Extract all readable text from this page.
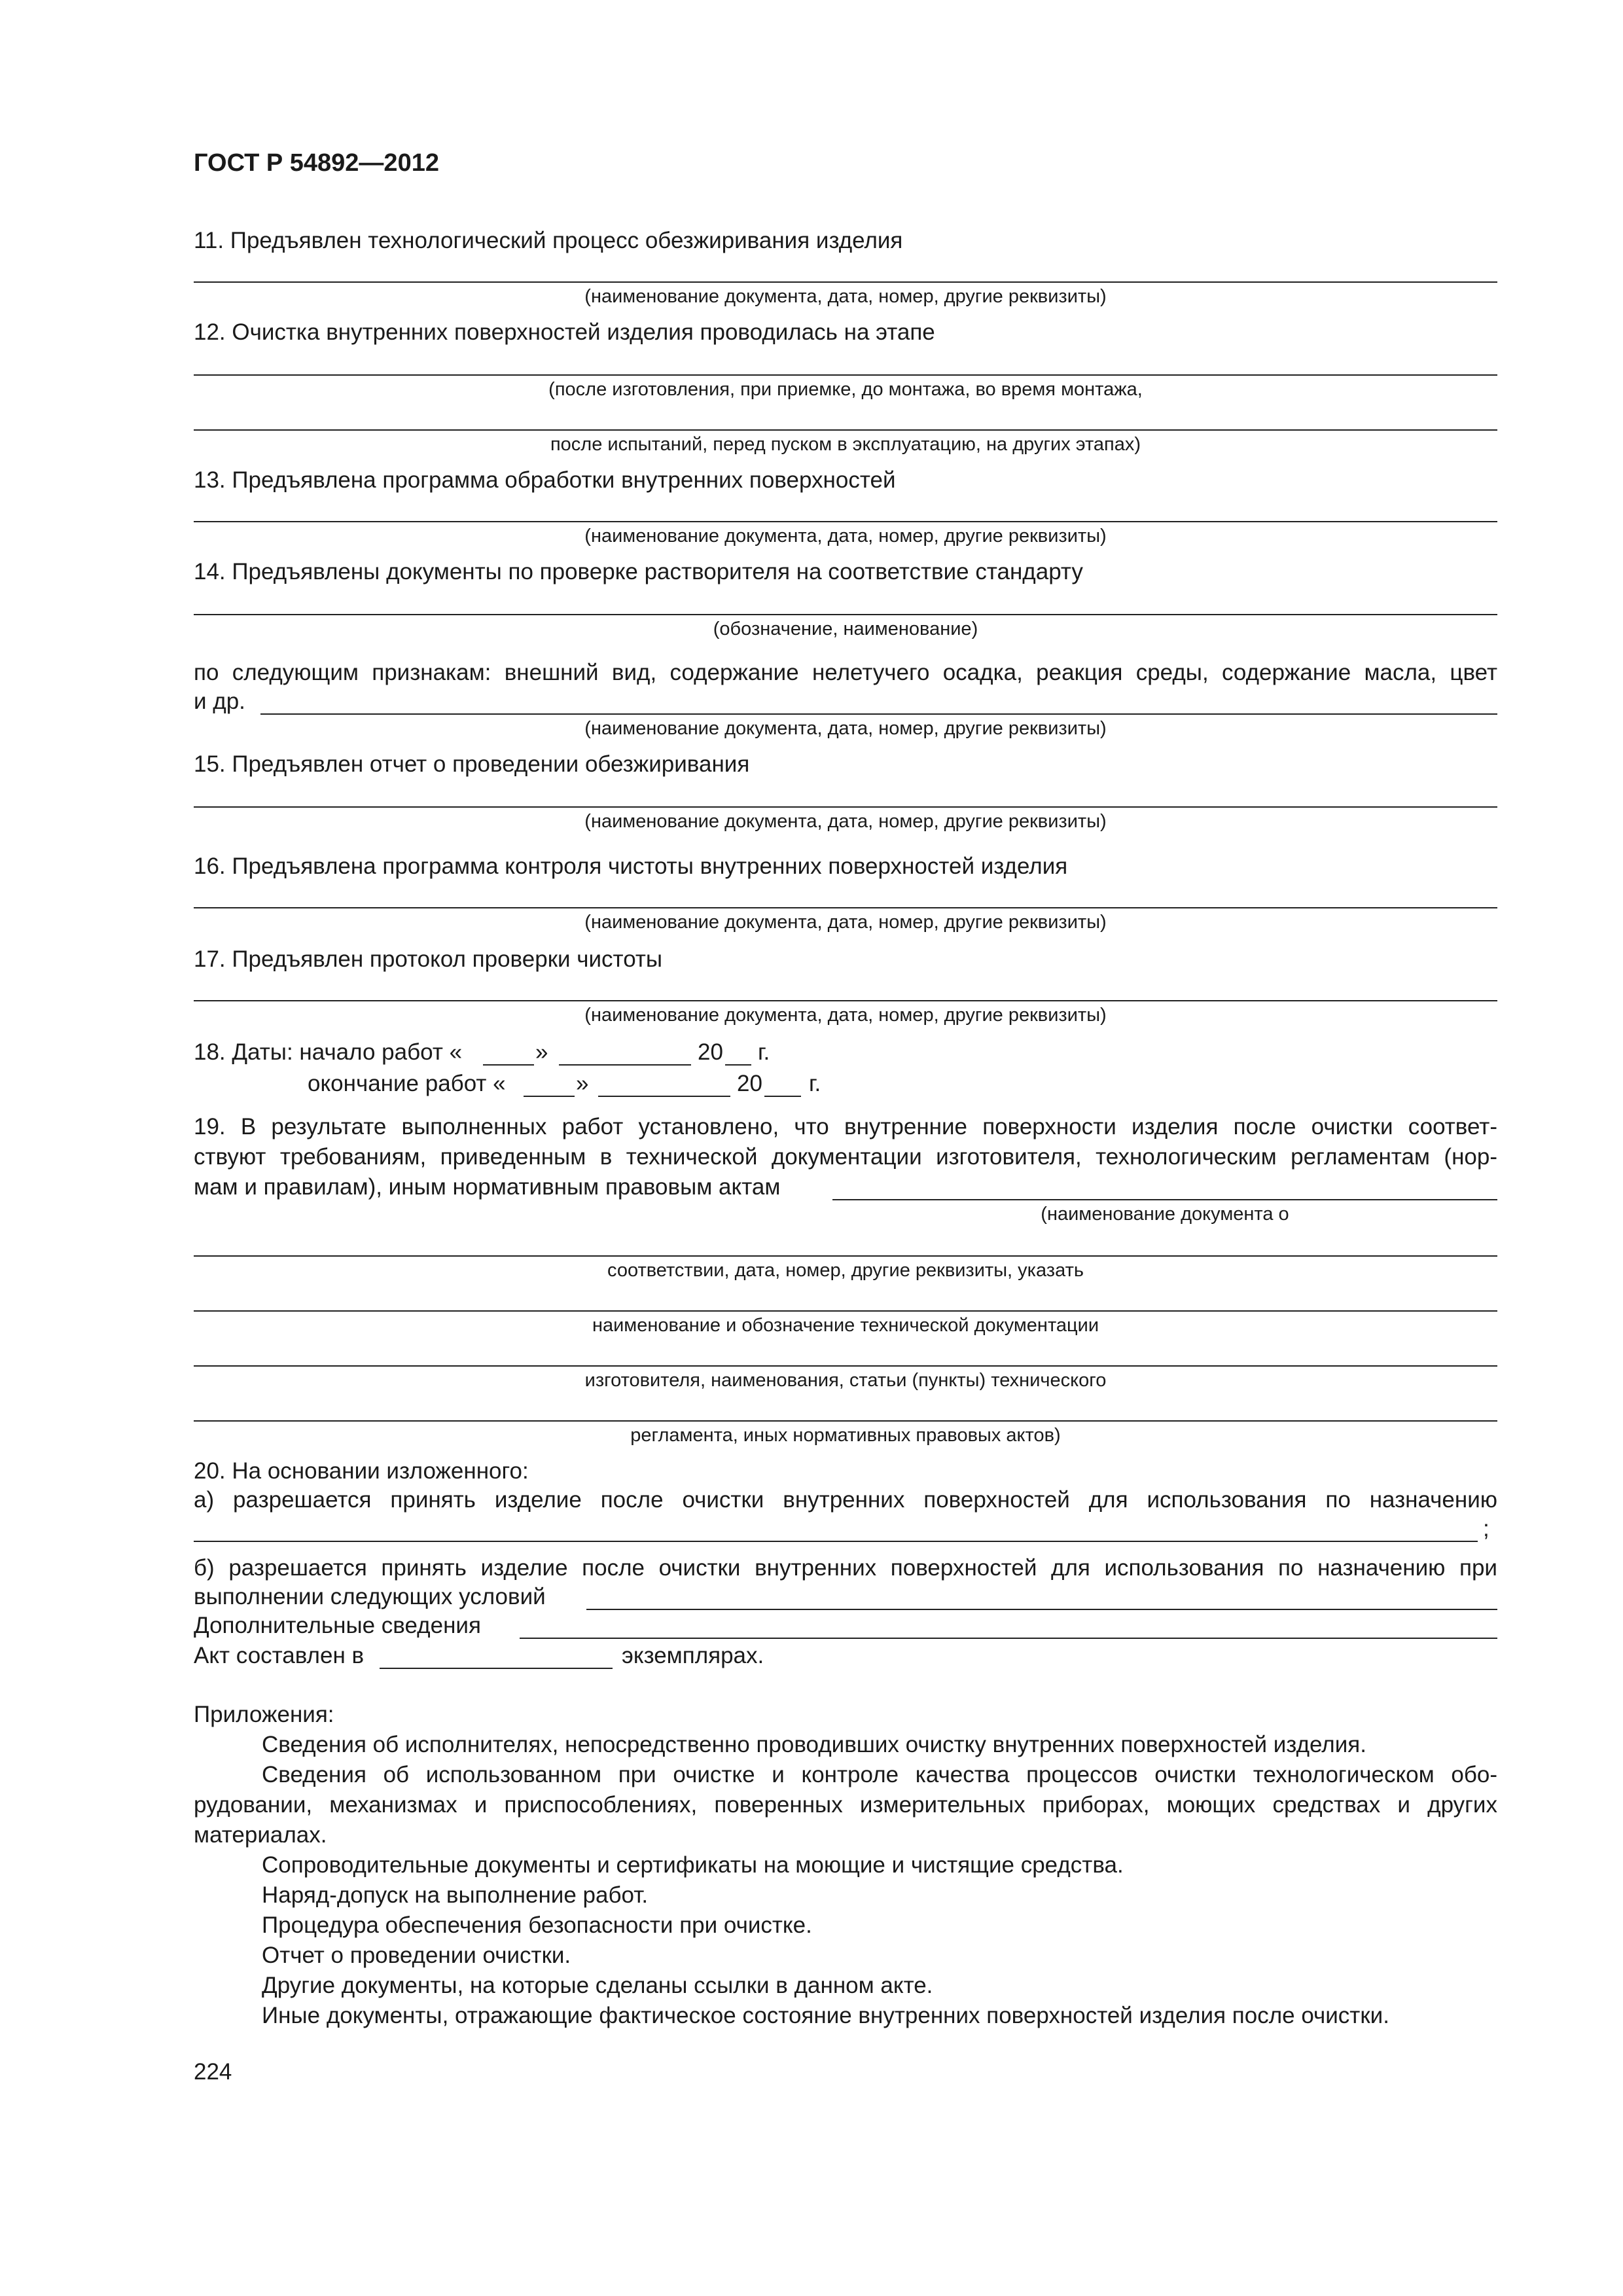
ГОСТ Р 54892—2012
11. Предъявлен технологический процесс обезжиривания изделия
(наименование документа, дата, номер, другие реквизиты)
12. Очистка внутренних поверхностей изделия проводилась на этапе
(после изготовления, при приемке, до монтажа, во время монтажа,
после испытаний, перед пуском в эксплуатацию, на других этапах)
13. Предъявлена программа обработки внутренних поверхностей
(наименование документа, дата, номер, другие реквизиты)
14. Предъявлены документы по проверке растворителя на соответствие стандарту
(обозначение, наименование)
по следующим признакам: внешний вид, содержание нелетучего осадка, реакция среды, содержание масла, цвет
и др.
(наименование документа, дата, номер, другие реквизиты)
15. Предъявлен отчет о проведении обезжиривания
(наименование документа, дата, номер, другие реквизиты)
16. Предъявлена программа контроля чистоты внутренних поверхностей изделия
(наименование документа, дата, номер, другие реквизиты)
17. Предъявлен протокол проверки чистоты
(наименование документа, дата, номер, другие реквизиты)
18. Даты: начало работ «	»	20 г.
окончание работ «	»	20 г.
19. В результате выполненных работ установлено, что внутренние поверхности изделия после очистки соответ-
ствуют требованиям, приведенным в технической документации изготовителя, технологическим регламентам (нор-
мам и правилам), иным нормативным правовым актам
(наименование документа о
соответствии, дата, номер, другие реквизиты, указать
наименование и обозначение технической документации
изготовителя, наименования, статьи (пункты) технического
регламента, иных нормативных правовых актов)
20. На основании изложенного:
а) разрешается принять изделие после очистки внутренних поверхностей для использования по назначению
;
б) разрешается принять изделие после очистки внутренних поверхностей для использования по назначению при
выполнении следующих условий
Дополнительные сведения
Акт составлен в	экземплярах.
Приложения:
Сведения об исполнителях, непосредственно проводивших очистку внутренних поверхностей изделия.
Сведения об использованном при очистке и контроле качества процессов очистки технологическом обо-
рудовании, механизмах и приспособлениях, поверенных измерительных приборах, моющих средствах и других
материалах.
Сопроводительные документы и сертификаты на моющие и чистящие средства.
Наряд-допуск на выполнение работ.
Процедура обеспечения безопасности при очистке.
Отчет о проведении очистки.
Другие документы, на которые сделаны ссылки в данном акте.
Иные документы, отражающие фактическое состояние внутренних поверхностей изделия после очистки.
224
